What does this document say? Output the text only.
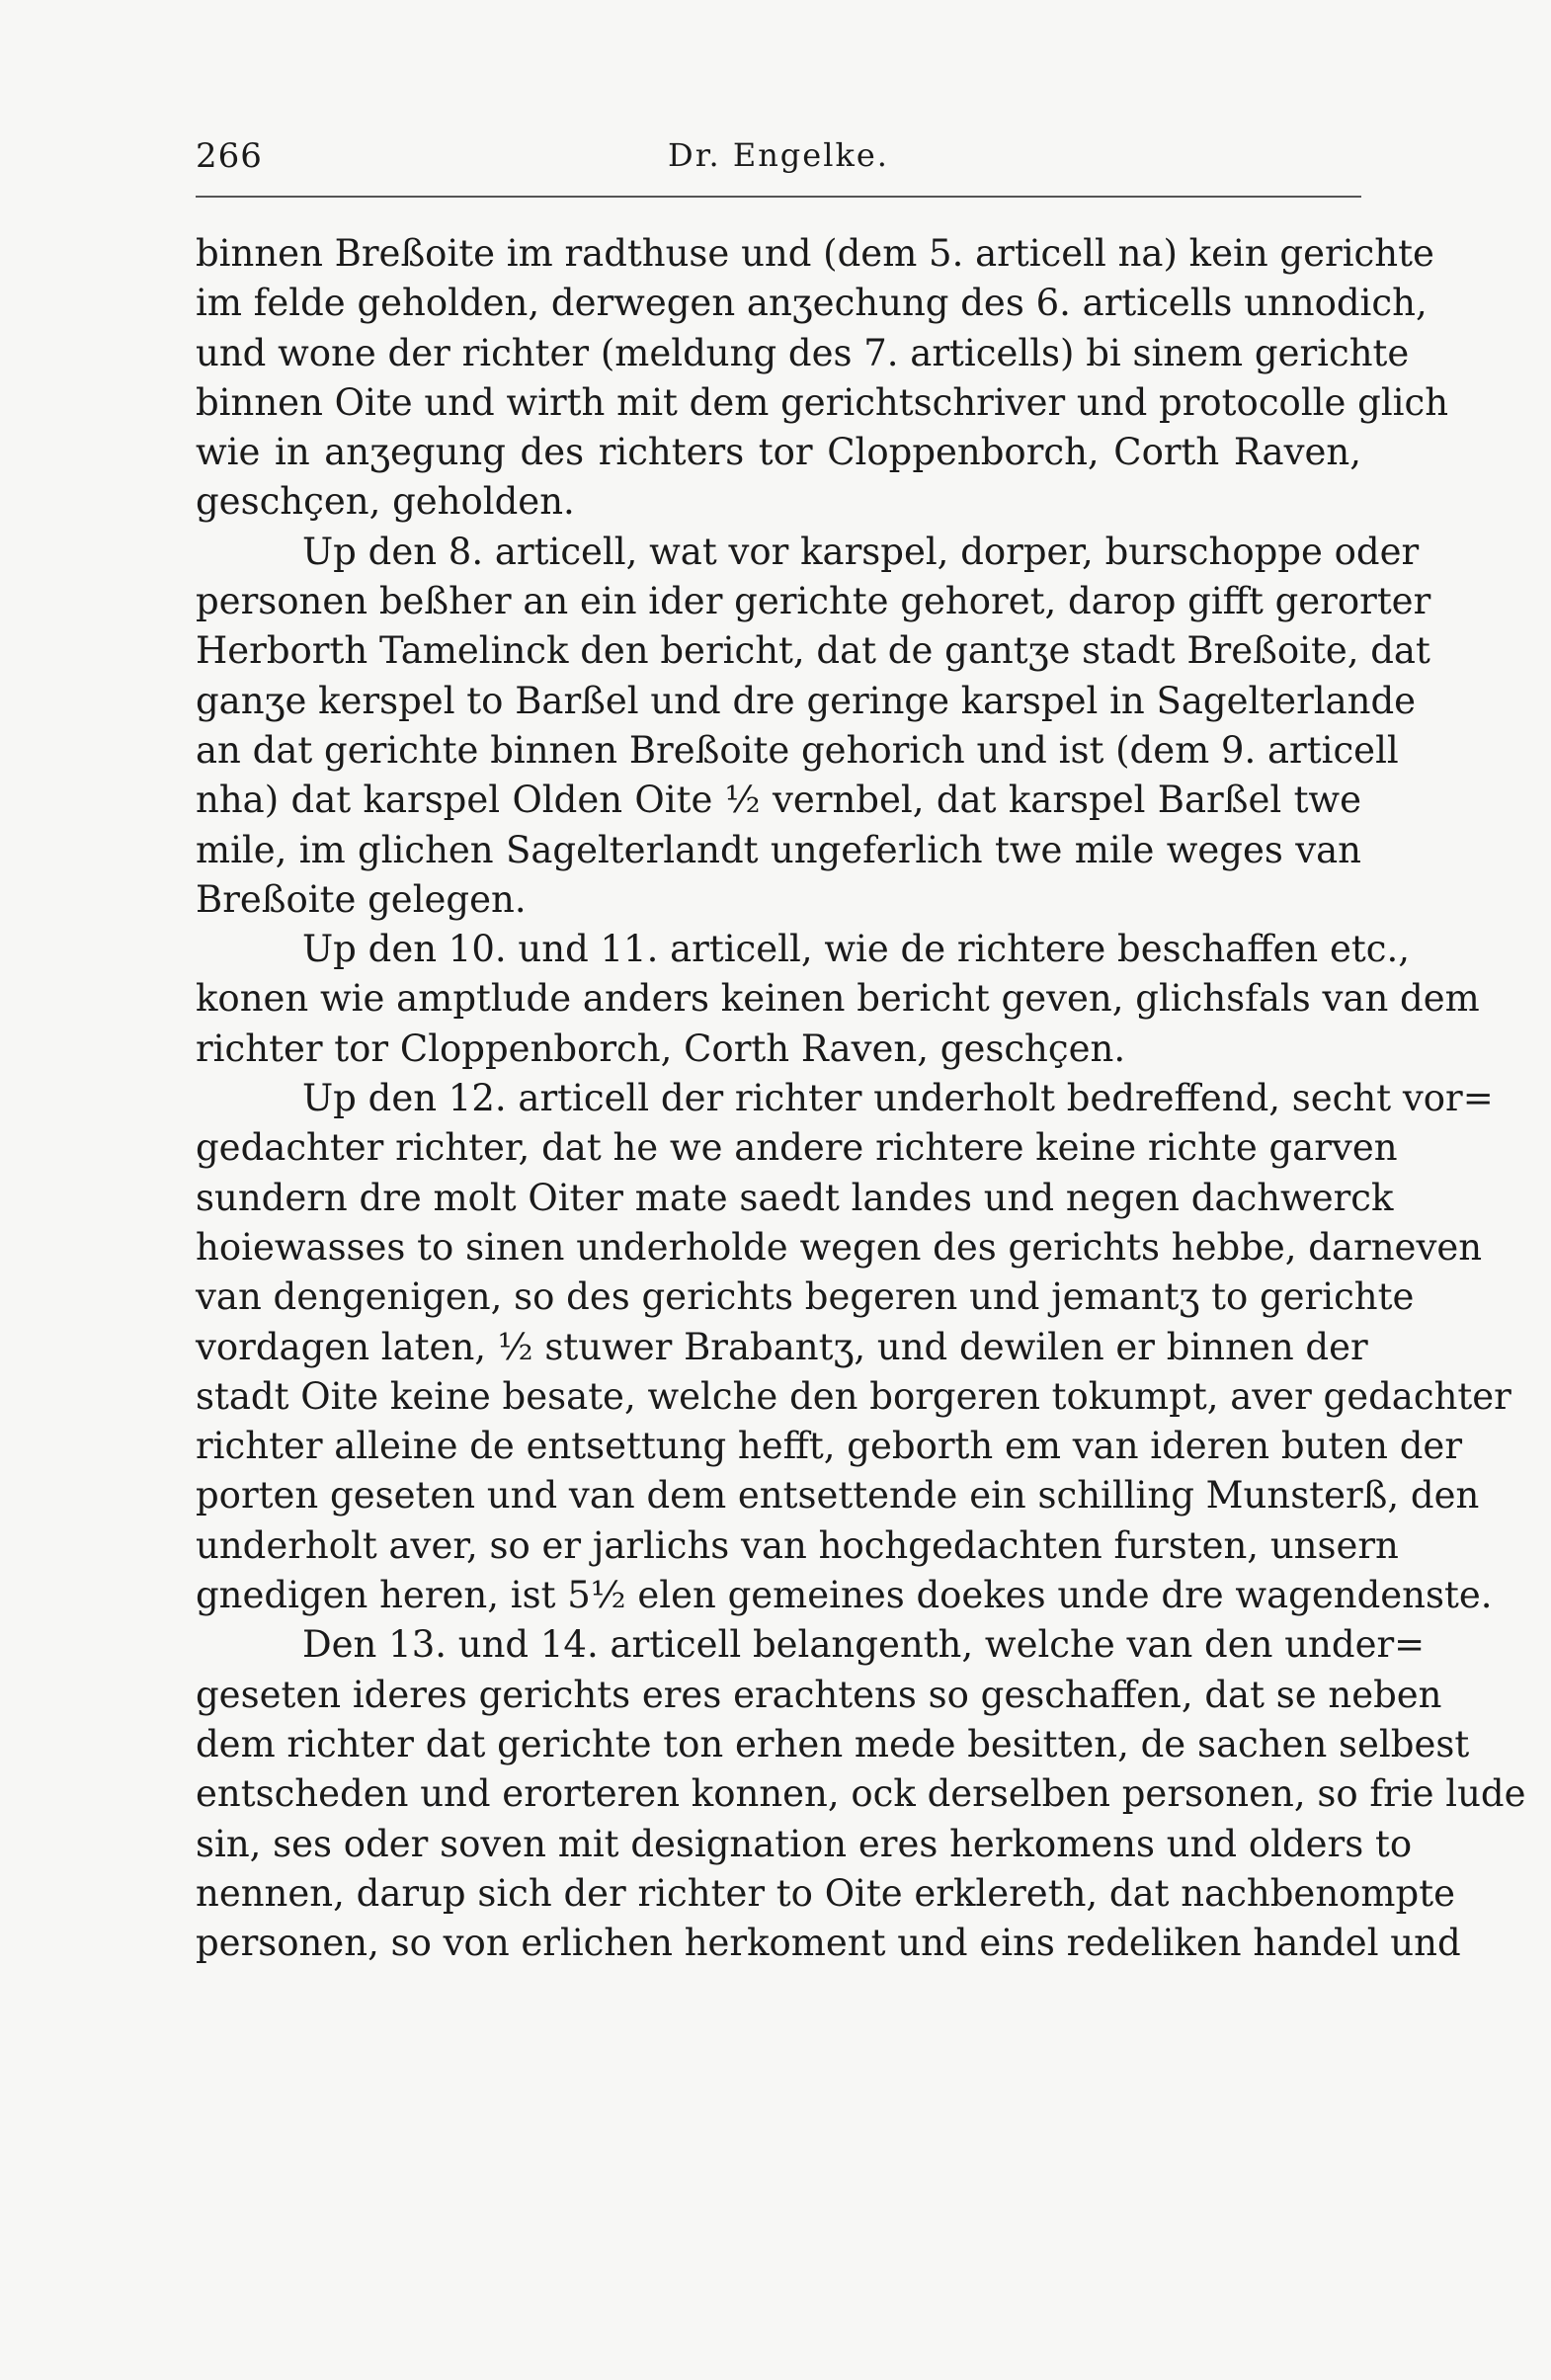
266	Dr. Engelke.
binnen Breßoite im radthuse und (dem 5. articell na) kein gerichte
im felde geholden, derwegen anʒechung des 6. articells unnodich,
und wone der richter (meldung des 7. articells) bi sinem gerichte
binnen Oite und wirth mit dem gerichtschriver und protocolle glich
wie in anʒegung des richters tor Cloppenborch, Corth Raven,
geschçen, geholden.
Up den 8. articell, wat vor karspel, dorper, burschoppe oder
personen beßher an ein ider gerichte gehoret, darop gifft gerorter
Herborth Tamelinck den bericht, dat de gantʒe stadt Breßoite, dat
ganʒe kerspel to Barßel und dre geringe karspel in Sagelterlande
an dat gerichte binnen Breßoite gehorich und ist (dem 9. articell
nha) dat karspel Olden Oite ½ vernbel, dat karspel Barßel twe
mile, im glichen Sagelterlandt ungeferlich twe mile weges van
Breßoite gelegen.
Up den 10. und 11. articell, wie de richtere beschaffen etc.,
konen wie amptlude anders keinen bericht geven, glichsfals van dem
richter tor Cloppenborch, Corth Raven, geschçen.
Up den 12. articell der richter underholt bedreffend, secht vor=
gedachter richter, dat he we andere richtere keine richte garven
sundern dre molt Oiter mate saedt landes und negen dachwerck
hoiewasses to sinen underholde wegen des gerichts hebbe, darneven
van dengenigen, so des gerichts begeren und jemantʒ to gerichte
vordagen laten, ½ stuwer Brabantʒ, und dewilen er binnen der
stadt Oite keine besate, welche den borgeren tokumpt, aver gedachter
richter alleine de entsettung hefft, geborth em van ideren buten der
porten geseten und van dem entsettende ein schilling Munsterß, den
underholt aver, so er jarlichs van hochgedachten fursten, unsern
gnedigen heren, ist 5½ elen gemeines doekes unde dre wagendenste.
Den 13. und 14. articell belangenth, welche van den under=
geseten ideres gerichts eres erachtens so geschaffen, dat se neben
dem richter dat gerichte ton erhen mede besitten, de sachen selbest
entscheden und erorteren konnen, ock derselben personen, so frie lude
sin, ses oder soven mit designation eres herkomens und olders to
nennen, darup sich der richter to Oite erklereth, dat nachbenompte
personen, so von erlichen herkoment und eins redeliken handel und
